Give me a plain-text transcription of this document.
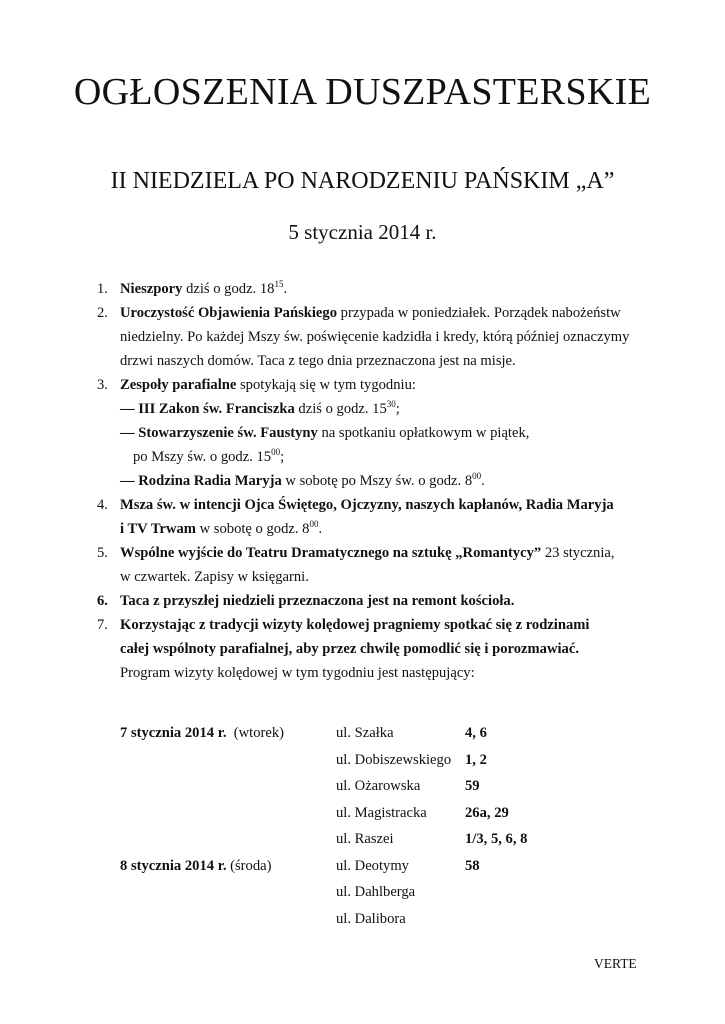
OGŁOSZENIA DUSZPASTERSKIE
II NIEDZIELA PO NARODZENIU PAŃSKIM „A”
5 stycznia 2014 r.
1. Nieszpory dziś o godz. $18^{15}$.
2. Uroczystość Objawienia Pańskiego przypada w poniedziałek. Porządek nabożeństw
niedzielny. Po każdej Mszy św. poświęcenie kadzidła i kredy, którą później oznaczymy
drzwi naszych domów. Taca z tego dnia przeznaczona jest na misje.
3. Zespoły parafialne spotykają się w tym tygodniu:
— III Zakon św. Franciszka dziś o godz. $15^{30}$;
— Stowarzyszenie św. Faustyny na spotkaniu opłatkowym w piątek,
po Mszy św. o godz. $15^{00}$;
— Rodzina Radia Maryja w sobotę po Mszy św. o godz. $8^{00}$.
4. Msza św. w intencji Ojca Świętego, Ojczyzny, naszych kapłanów, Radia Maryja
i TV Trwam w sobotę o godz. $8^{00}$.
5. Wspólne wyjście do Teatru Dramatycznego na sztukę „Romantycy” 23 stycznia,
w czwartek. Zapisy w księgarni.
6. Taca z przyszłej niedzieli przeznaczona jest na remont kościoła.
7. Korzystając z tradycji wizyty kolędowej pragniemy spotkać się z rodzinami
całej wspólnoty parafialnej, aby przez chwilę pomodlić się i porozmawiać.
Program wizyty kolędowej w tym tygodniu jest następujący:
7 stycznia 2014 r.  (wtorek)	ul. Szałka	4, 6
ul. Dobiszewskiego 1, 2
ul. Ożarowska	59
ul. Magistracka	26a, 29
ul. Raszei	1/3, 5, 6, 8
8 stycznia 2014 r. (środa)	ul. Deotymy	58
ul. Dahlberga
ul. Dalibora
VERTE
